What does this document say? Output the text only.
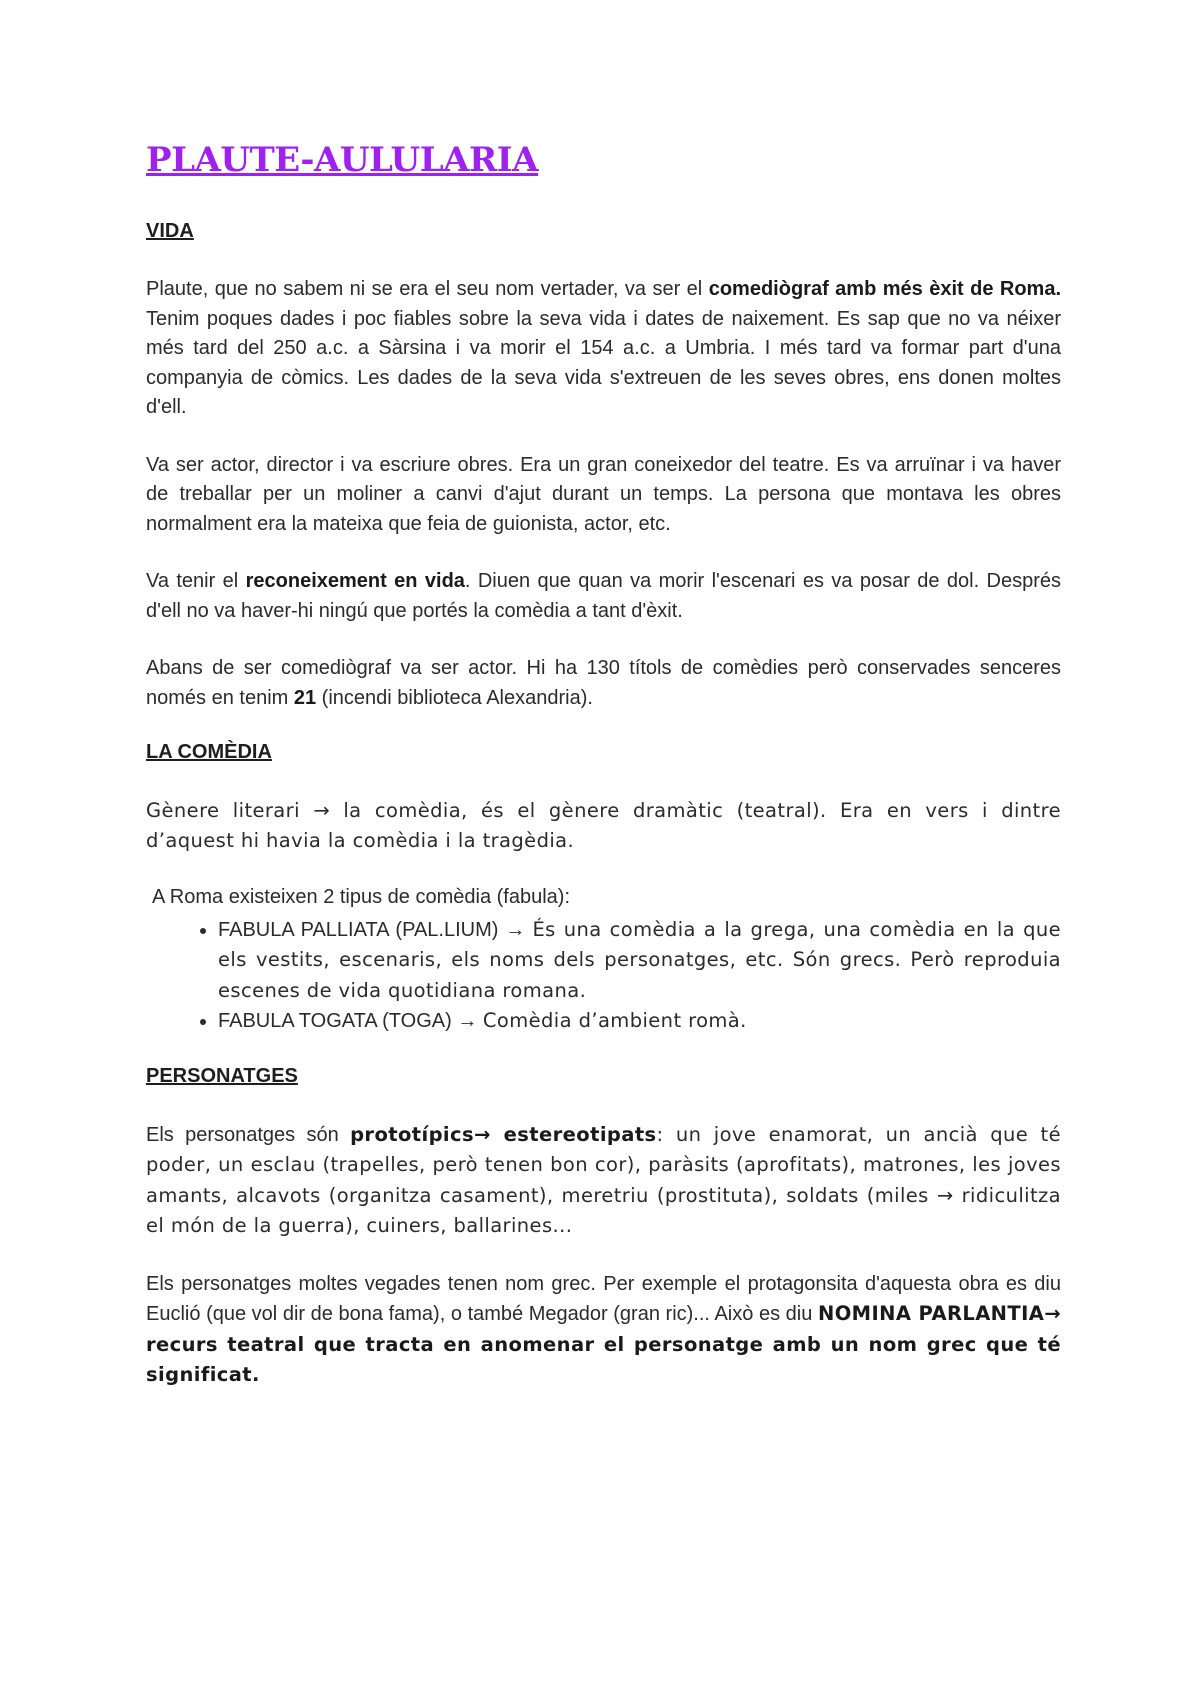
PLAUTE-AULULARIA
VIDA

Plaute, que no sabem ni se era el seu nom vertader, va ser el comediògraf amb més èxit de Roma. Tenim poques dades i poc fiables sobre la seva vida i dates de naixement. Es sap que no va néixer més tard del 250 a.c. a Sàrsina i va morir el 154 a.c. a Umbria. I més tard va formar part d'una companyia de còmics. Les dades de la seva vida s'extreuen de les seves obres, ens donen moltes d'ell.

Va ser actor, director i va escriure obres. Era un gran coneixedor del teatre. Es va arruïnar i va haver de treballar per un moliner a canvi d'ajut durant un temps. La persona que montava les obres normalment era la mateixa que feia de guionista, actor, etc.

Va tenir el reconeixement en vida. Diuen que quan va morir l'escenari es va posar de dol. Després d'ell no va haver-hi ningú que portés la comèdia a tant d'èxit.

Abans de ser comediògraf va ser actor. Hi ha 130 títols de comèdies però conservades senceres només en tenim 21 (incendi biblioteca Alexandria).

LA COMÈDIA

Gènere literari → la comèdia, és el gènere dramàtic (teatral). Era en vers i dintre d’aquest hi havia la comèdia i la tragèdia.

A Roma existeixen 2 tipus de comèdia (fabula):
• FABULA PALLIATA (PAL.LIUM) → És una comèdia a la grega, una comèdia en la que els vestits, escenaris, els noms dels personatges, etc. Són grecs. Però reproduia escenes de vida quotidiana romana.
• FABULA TOGATA (TOGA) → Comèdia d’ambient romà.
PERSONATGES

Els personatges són prototípics→ estereotipats: un jove enamorat, un ancià que té poder, un esclau (trapelles, però tenen bon cor), paràsits (aprofitats), matrones, les joves amants, alcavots (organitza casament), meretriu (prostituta), soldats (miles → ridiculitza el món de la guerra), cuiners, ballarines...

Els personatges moltes vegades tenen nom grec. Per exemple el protagonsita d'aquesta obra es diu Euclió (que vol dir de bona fama), o també Megador (gran ric)... Això es diu NOMINA PARLANTIA→ recurs teatral que tracta en anomenar el personatge amb un nom grec que té significat.
